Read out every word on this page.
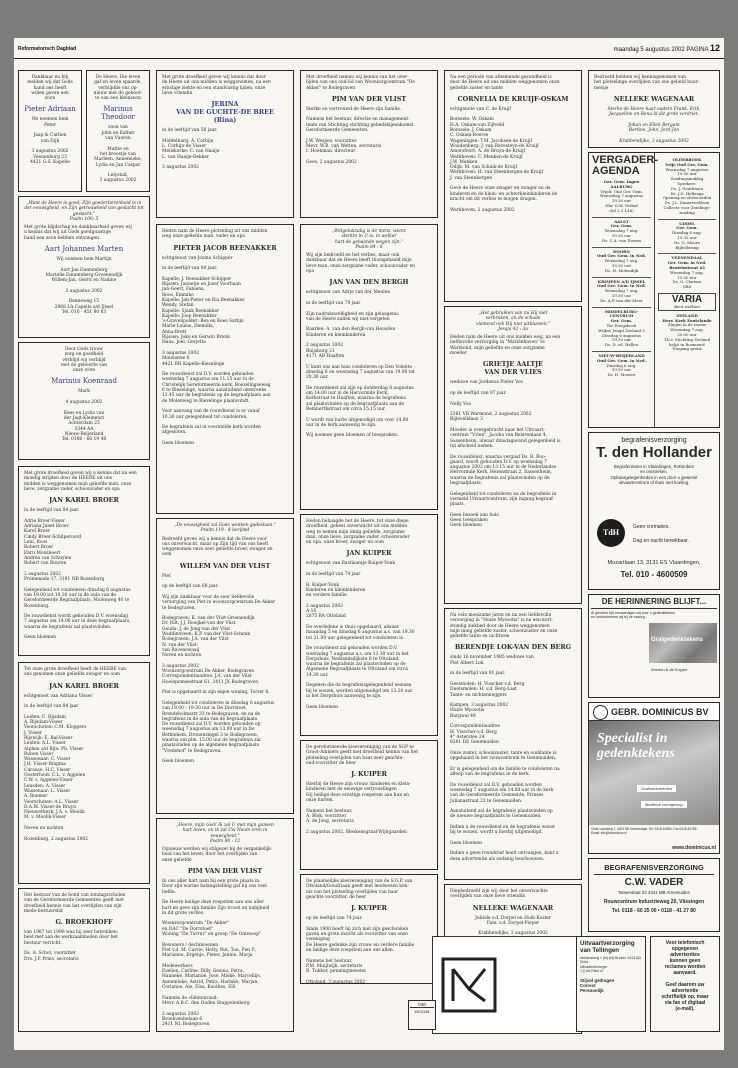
Reformatorisch Dagblad	maandag 5 augustus 2002 PAGINA 12
Dankbaar en blij
melden wij dat Gods
hand ons heeft
willen geven een
zoon
Pieter Adriaan
We noemen hem
Peter

Jaap & Carlien
van Dijk

3 augustus 2002
Veenenburg 23
4421 G.S. Kapelle
De Heere, Die leven
gaf en leven spaarde,
verblijdde ons op-
nieuw met de geboor-
te van een kleinzoon
Marinus Theodoor
zoon van
John en Esther
van Vuuren

Mattie en
het kroostje van
Marleen, Annemieke,
Lydia en Jan Caspar

Lelystad,
3 augustus 2002
„Want de Heere is goed; Zijn goedertierenheid is in
der eeuwigheid, en Zijn getrouwheid van geslacht tot
geslacht."
Psalm 100: 5
Met grote blijdschap en dankbaarheid geven wij
u kennis dat wij uit Gods goedgunstige
hand een zoon hebben ontvangen.
Aart Johannes Marten
Wij noemen hem Martijn

Aart Jan Dannenberg
Martelle Dannenberg-Groenendijk
Willem-Jan, Gerrit en Nadine

3 augustus 2002

Benneweg 15
2968 LA Capelle a/d IJssel
Tel. 010 - 451 80 83
Door Gods trouw
zorg en goedheid
verblijd wij verblijd
met de geboorte van
onze zoon
Marinus Koenraad
Mark

4 augustus 2002

Kees en Lydia van
der Jagt-Kleinenst
Achterdam 25
3344 AA
Nieuw-Beijerland
Tel. 0186 - 66 19 48
Met grote droefheid geven wij u kennis dat na een
moedig strijden door de HEERE uit ons
midden is weggenomen mijn geliefde man, onze
lieve, zorgzame vader, schoonvader en opa
JAN KAREL BROER
in de leeftijd van 84 jaar.

Adrie Broer-Visser
Adriana Janet Broer
Karel Broer
Cindy Broer-Schilperoord
Leni, Roos
Robert Broer
Ebru Monsbeert
Andrea van Schuylen
Robert van Buuren

2 augustus 2002
Promenade 17, 3181 NB Rozenburg

Gelegenheid tot condoleren dinsdag 6 augustus
van 19.00 tot 19.30 uur in de aula van de
Gereformeerde Begraafplaats, Molenweg 40 te
Rozenburg.

De rouwdienst wordt gehouden D.V. woensdag
7 augustus om 14.00 uur in deze begraafplaats,
waarna de begrafenis zal plaatsvinden.

Geen bloemen
Tot onze grote droefheid heeft de HEERE van
ons genomen onze geliefde zwager en oom
JAN KAREL BROER
echtgenoot van Adriana Visser

in de leeftijd van 84 jaar

Leiden: C. Rijsdam
A. Rijsdam-Visser
Voorschoten: C.M. Kloppers
J. Visser
Rijswijk: E. Bal-Visser
Leiden: A.L. Visser
Alphen a/d Rijn: Ph. Visser
Ruben Visser
Wassenaar: C. Visser
J.H. Visser-Ringma
Curasao: H.C. Visser
Oosterhout: C.L. v. Aggelen
C.W. v. Aggelen-Visser
Leusden: A. Visser
Wassenaar: L. Visser
A. Roemer
Voorschoten: A.L. Visser
D.A.M. Visser-de Bruyn
Nieuwerkerk: J.A. v. Moolik
M. v. Moolik-Visser

Neven en nichten

Rozenburg, 2 augustus 2002
Het bestuur van de bond van zondagsscholen
van de Gereformeerde Gemeenten geeft met
droefheid kennis van het overlijden van zijn
mede-bestuurslid
G. BROEKHOFF
van 1987 tot 1996 was hij zeer betrokken-
heid met aan de werkzaamheden door het
bestuur verricht.

Ds. A. Schot, voorzitter
Drs. J.P. Prins, secretaris
Met grote droefheid geven wij kennis dat door
de Heere uit ons midden is weggenomen, na een
ernstige ziekte en een standvastig lijden, onze
lieve vriendin
JERINA
VAN DE GUCHTE-DE BREE
(Rina)
in de leeftijd van 58 jaar.

Middelburg: A. Corbijn
L. Corbijn-de Visser
Meliskerke: C. van Haaije
L. van Haaije-Dekker

3 augustus 2002
Heden nam de Heere plotseling uit ons midden
weg onze geliefde man, vader en opa
PIETER JACOB BEENAKKER
echtgenoot van Jozina Schipper

in de leeftijd van 88 jaar.

Kapelle: J. Beenakker-Schipper
Rijssen: Jannetje en Jozef Voorbaan
Jan-Geert, Fabiena,
Roos, Emmiko
Kapelle: Jan-Pieter en Ria Beenakker
Wendy, Stefan
Kapelle: Sjaak Beenakker
Kapelle: Joep Beenakker
's-Gravenpolder: Bea en Kees Sattijn
Marie-Louise, Diemilla,
Anna-Brett
Rijssen: Joke en Gerwin Brenk
Hans, Joel, Gerjetta

3 augustus 2002
Molenstee 6
4421 BH Kapelle-Biezelinge

De rouwdienst zal D.V. worden gehouden
woensdag 7 augustus om 11.15 uur in de
Christelijk Gereformeerde kerk, Boezelingseweg
6 te Biezelinge, waarna aansluitend omstreeks
12.45 uur de begrafenis op de begraafplaats aan
de Molenweg te Biezelinge plaatsvindt.

Voor aanvang van de rouwdienst is er vanaf
10.30 uur gelegenheid tot condoleren.

De begrafenis zal in voormelde kerk worden
afgesloten.

Geen bloemen
„De eeuwigheid zal Gods wenken gadeslaan."
Psalm 119 : 8 berijmd
Bedroefd geven wij u kennis dat de Heere voor
ons onverwacht, maar op Zijn tijd van ons heeft
weggenomen onze zeer geliefde broer, zwager en
oom
WILLEM VAN DER VLIST
Piet

op de leeftijd van 68 jaar.

Wij zijn dankbaar voor de zeer liefdevolle
verzorging van Piet in woonzorgcentrum De Akker
te Bodegraven.

Bodegraven: K. van der Vlist-Groenendijk
Dr. Rilt, J.J. Rooijkel-van der Vlist
Gouda: J. de Jong-van der Vlist
Waddinxveen: K.P. van der Vlist-Schenk
Bodegraven: J.A. van der Vlist
N. van der Vlist-
van Ravenswaaij
Neven en nichten

3 augustus 2002
Woonzorgcentrum De Akker, Bodegraven
Correspondentieadres: J.A. van der Vlist
Hooiepomsestraat 61, 2411 JX Bodegraven

Piet is opgebaard in zijn eigen woning, Torrer 6.

Gelegenheid tot condoleren in dinsdag 6 augustus
van 19.00 - 19.30 uur in De Dorrstoet,
Brendeholmsstr 33 te Bodegraven, en na de
begrafenis in de aula van de begraafplaats.
De rouwdienst zal D.V. worden gehouden op
woensdag 7 augustus om 13.00 uur in De
Bethlehem, Dronenzingel 3 te Bodegraven,
waarna om plm. 15.00 uur de begrafenis zal
plaatsvinden op de algemene begraafplaats
"Vredehof" te Bodegraven.

Geen bloemen
„Heere, mijn God! Ik zal U met mijn gansen
hart loven, en ik zal Uw Naam eren in
eeuwigheid."
Psalm 86 : 12
Opnieuw werden wij stilgezet bij de vergankelijk-
heid van het leven, door het overlijden van
onze geliefde
PIM VAN DER VLIST
In ons aller hart nam hij een grote plaats in.
Door zijn warme belangstelling gaf hij ons veel
liefde.

De Heere heilige deze roepstem aan ons aller
hart en geve zijn familie Zijn troost en nabijheid
in dit grote verlies.

Woonzorgcentrum "De Akker"
en DAC "De Dorrstoet"
Woning "De Turrnr" en groep "De Ontmoop"

Bewoners / dechnnoenen
Piet v.d. M. Carrie, Hetty, Rut, Ton, Piet P.,
Marianne, Ergenje, Pieter, Jennie, Marja

Medewerkers
Evelien, Carline, Dilly, Gesina, Petra,
Hanneke, Marianne, Jose, Mieke, Marcellijs,
Annemieke, Astrid, Petra, Harmke, Marjan,
Corianne, Ale, Elsa, Kootlies, Elli

Namens de cliëntenraad:
Mevr. A.B.C. den Ouden-Stappelenberg

2 augustus 2002
Broekvenbelaan 6
2411 NL Bodegraven
Met droefheid nemen wij kennis van het over-
lijden van ons oud-lid van Woonzorgcentrum "De
Akker" te Bodegraven
PIM VAN DER VLIST
Sterke en vertrouwd de Heere zijn familie.

Namens het bestuur, directie en management-
team van Stichting stichting gebedsbijeenkomst
Gereformeerde Gemeenten,

J.W. Wesjies, voorzitter
Mevr. W.B. van Wetten, secretaris
I. Hoekman, directeur

Goes, 2 augustus 2002
„Welgelukzalig is de mens, wiens
sterkte in U is, in welker
hart de gebaande wegen zijn."
Psalm 84 : 6
Wij zijn bedroefd en het verlies, maar ook
dankbaar dat de Heere heeft thuisgehaald mijn
lieve man, onze zorgzame vader, schoonvader en
opa
JAN VAN DEN BERGH
echtgenoot van Adrje van der Meulen

in de leeftijd van 79 jaar

Zijn nadrukswelligheid en zijn gelaagenis
van de Heere zullen wij niet vergeten

Baarlen: A. van den Bergh-van Heusden
Kinderen en kleinkinderen

2 augustus 2002
Ruijsburg 21
4171 AB Haaften

U kunt ons aan huis condoleren op Den Volente
dinsdag 6 en woensdag 7 augustus van 19.00 tot
20.30 uur.

De rouwdienst zal zijn op donderdag 8 augustus
om 14.00 uur in de Hervormde Kerk,
Kerkstraat te Haaften, waarna de begrafenis
zal plaatsvinden op de begraafplaats aan de
Remberthstraat om circa 15.15 uur.

U wordt van harte uitgenodigd om voor 14.00
uur in de kerk aanwezig te zijn.

Wij noemen geen bloemen of toespraken.
Heden behaagde het de Heere, tot onze diepe
droefheid, geheel onverwacht uit ons midden
weg te nemen mijn innig geliefde, zorgzame
man, onze lieve, zorgzame vader, schoonvader
en opa, onze broer, zwager en oom
JAN KUIPER
echtgenoot van Bastiaantje Kuiper-Vonk

in de leeftijd van 74 jaar

B. Kuiper-Vonk
Kinderen en kleinkinderen
en verdere familie

2 augustus 2002
A 16
2875 BA Ottoland

De overledene is thuis opgebaard, alwaar
maandag 5 en dinsdag 6 augustus a.s. van 19.30
tot 21.00 uur gelegenheid tot condoleren is.

De rouwdienst zal gehouden worden D.V.
woensdag 7 augustus a.s. om 13.30 uur in het
Dorpshuis, Nedlandsdijkste 8 te Ottoland,
waarna de begrafenis zal plaatsvinden op de
Algemene Begraafplaats te Ottoland om circa
14.30 uur.

Degenen die de begrafenisgelegenheid wensen
bij te wonen, worden uitgenodigd om 13.20 uur
in het Dorpshuis aanwezig te zijn.

Geen bloemen
De gereformeerde kiesvereniging van de SGP te
Groot-Ammers geeft met droefheid kennis van het
plotseling overlijden van haar zeer geachte
oud-voorzitter de heer
J. KUIPER
Hierbij de Heere zijn vrouw, kinderen en klein-
kinderen met de eeuwige vertroostingen
Hij heilige deze ernstige roepstem aan hun en
onze harten.

Namens het bestuur,
A. Blok, voorzitter
A. de Jong, secretaris

2 augustus 2002, Bleskensgraaf-Wijngaarden
De plaatselijke kiesvereniging van de S.G.P. van
Ottoland/Goudriaan geeft met leedwezen ken-
nis van het plotseling overlijden van haar
geachte voorzitter, de heer
J. KUIPER
op de leeftijd van 74 jaar.

Sinds 1980 heeft hij zich met zijn geschonken
gaven en grote inzicht als voorzitter van onze
vereniging
De Heere gedenke zijn vrouw en verdere familie
en heilige deze roepstem aan ons allen.

Namens het bestuur,
P.M. Muijlwijk, secretaris
B. Tukker, penningmeester

Ottoland, 3 augustus 2002
Na een periode van afnemende gezondheid is
door de Heere uit ons midden weggenomen onze
geliefde zuster en tante
CORNELIA DE KRUIJF-OSKAM
echtgenote van C. de Kruijf

Borssele: W. Oskam
H.A. Oskam-van Zijtveld
Borssele: J. Oskam
C. Oskam-Boerse
Wageningen: T.M. Jacobsen-de Kruijf
Woudenberg: J. van Ravesteyn-de Kruijf
Amersfoort: A. de Bruyn-de Kruijf
Werkhoven: C. Menken-de Kruijf
J.W. Menken
Odijk: M. van Schaik-de Kruijf
Werkhoven: H. van Steenbergen-de Kruijf
J. van Steenbergen

Geve de Heere onze zwager en zwager en de
kinderen en de klein- en achterkleinkinderen de
kracht om dit verlies te mogen dragen.

Werkhoven, 2 augustus 2002
„Het gebruiken van nu Hij niet
verbroken, en de schade
vlamend ook Hij niet uitblussen."
Jesaja 42 : 3a
Heden nam de Heere uit ons midden weg, na een
liefdevolle verzorging in "Mariënhaven" te
Warmond, mijn geliefde en onze zorgzame
moeder
GRIETJE AALTJE
VAN DER VLIES
weduwe van Jordanus Pieter Vos

op de leeftijd van 87 jaar.

Nelly Vos

2361 VB Warmond, 2 augustus 2002
Bijlevelldaan 3

Moeder is overgebracht naar het Uitvaart-
centrum "Vrien", Jacoba van Beierenlaan 4,
Sassenheim, alwaar dinsdagavond gelegenheid is
tot afscheid nemen.

De rouwdienst, waarna vergaaf Ds. R. Boo-
gaard, wordt gehouden D.V. op woensdag 7
augustus 2002 om 13.15 uur in de Nederlandse
Hervormde Kerk, Herenstraat 2, Sassenheim,
waarna de begrafenis zal plaatsvinden op de
begraafplaats.

Gelegenheid tot condoleren na de begrafenis in
vermeld Uitvaartcentrum, zijn ingang begraaf-
plaats.

Geen bezoek aan huis
Geen toespraken
Geen bloemen
Na vele moeizame jaren en na een liefdevolle
verzorging in "Huize Myosotis" is na een kort-
stondig ziekbed door de Heere weggenomen
mijn innig geliefde zuster, schoonzuster en onze
geliefde tante en nichtwen
BERENDJE LOK-VAN DEN BERG
sinds 16 november 1985 weduwe van
Piet Albert Lok

in de leeftijd van 81 jaar.

Geesmolen: H. Visscher-v.d. Berg
Duetsmolen: H. v.d. Berg-Last
Tante- en nichtenneggers

Kampen, 3 augustus 2002
Huize Myosotis
Burgwal 49

Correspondentieadres
H. Visscher-v.d. Berg
4° Asterstee 24
8261 DE Genemuiden

Onze zuster, schoonzuster, tante en ouddante is
opgebaard in het rouwcentrum te Genemuiden.

Er is gelegenheid om de familie te condoleren na
afloop van de begrafenis in de kerk.

De rouwdienst zal D.V. gehouden worden
woensdag 7 augustus om 14.00 uur in de kerk
van de Gereformeerde Gemeente, Prinses
Julianastraat 22 te Genemuiden.

Aansluitend zal de begrafenis plaatsvinden op
de nieuwe begraafplaats te Genemuiden.

Indien u de rouwdienst en de begrafenis wenst
bij te wonen, wordt u hierbij uitgenodigd.

Geen bloemen

Indien u geen rouwbrief heeft ontvangen, kunt u
deze advertentie als zodanig beschouwen.
Diepbedroefd zijn wij door het onverwachte
overlijden van onze lieve vriendin
NELLEKE WAGENAAR
Juliède v.d. Dorpel en Huib Koster
Fam. v.d. Dorpel-Pieper

Krabbendijke, 3 augustus 2002
Bedroefd hebben wij kennisgenomen van
het plotselinge overlijden van ons geliefd buur-
meisje
NELLEKE WAGENAAR
Sterke de Heere haar ouders Frank, Erik,
Jacqueline en Rena in dit grote verdriet.

Johan en Ellen Bergam
Bertine, John, Jord-Jon

Krabbendijke, 3 augustus 2002
VERGADER-
AGENDA
Ger. Gem. Ingen
AALBURG
Vrijdr. Oud Ger. Gem.
Woensdag 7 augustus
19.30 uur
Dhr. G.W. Verhof
(tel 2.1 L16)
AALST
Ger. Gem.
Woensdag 7 aug.
19.30 uur
Ds. C.A. van Tooren
DOORN
Oud Ger. Gem. in Ned.
Woensdag 7 aug.
19.30 uur
Ds. H. Molendijk
KRIMPEN A/D IJSSEL
Oud Ger. Gem. in Ned.
Woensdag 7 aug.
19.30 uur
Ds. A.P. van der Meer
MIDDELBURG-
CENTRUM
Ger. Gem.
Ter Hoogsbech
Wijkse Jeugd Zeeland 3
Dinsdag 6 augustus
19.30 uur
Ds. D. vd. Hellen
NIEUW-BEIJERLAND
Oud Ger. Gem. in Ned.
Dinsdag 6 aug.
19.30 uur
Ds. D. Mowier
OLDEBROEK
Vrije Oud Ger. Gem.
Woensdag 7 augustus
19.30 uur
Zendingsmiddag
Sprekers:
Ds. J. Goudriaan
Ds. J.D. Hellenga
Opening en slotwoorden
Ds. J.L. Dunerveeldsen
Collecte voor Zendings-
zending
UDDEL
Ger. Gem.
Dinsdag 6 aug.
19.30 uur
Ds. G. Moore
Bijbellezing
VEENENDAAL
Ger. Gem. in Ned.
Beatrixstraat 43
Woensdag 7 aug.
19.30 uur
Ds. G. Clarisse
GBS
VARIA
Bent welkom
ZEELAND
Herv. Kerk Zoutelande
Zingen in de zomer
Woensdag 7 aug.
20.00 uur
T.b.v. Stichting Zeeland
helpt in Roemenië
Toegang gratis
begrafenisverzorging
T. den Hollander
Begrafenissen in Vlaardingen, Rotterdam
en omstreken.
Opbaargelegenheden in een door u gewenst
uitvaartcentrum of thuis met koeling.
TdH
Geen crematies.
Dag en nacht bereikbaar.
Mozartlaan 13, 3131 ES Vlaardingen,
Tel. 010 - 4600509
DE HERINNERING BLIJFT...
Al geruime tijd vervaardigen wij voor u gedenktekens
en ondersteunen wij bij de nazorg.
Gralgedenktekens
Zeeden & de Kuyper
GEBR. DOMINICUS BV
Specialist in
gedenktekens
Grafmonumenten
Moderne vormgeving
Oude Landweg 7, 4301 SB Veenendaal. Tel. 0318-51560, Fax 0318-51785
Email: info@dominicus.nl
www.dominicus.nl
BEGRAFENISVERZORGING
C.W. VADER
Tarwestraat 23 4341 MB Arnemuiden
Rouwcentrum Industrieweg 20, Vlissingen
Tel. 0118 - 60 25 00 • 0118 - 41 27 80
Uitvaartverzorging van Tellingen
Adrianaweg 1 (bij Kit) Bruinb. 0113 AD Zeist
Uitvaartverzorger
1 () tel.Rikel.nl
Stijvol gedragen
Correct
Persoonlijk
Voor telefonisch
opgegeven
advertenties
kunnen geen
reclames worden
aanvaard.

Geef daarom uw
advertentie
schriftelijk op, maar
via fax of digitaal
(e-mail).
030
6913138
